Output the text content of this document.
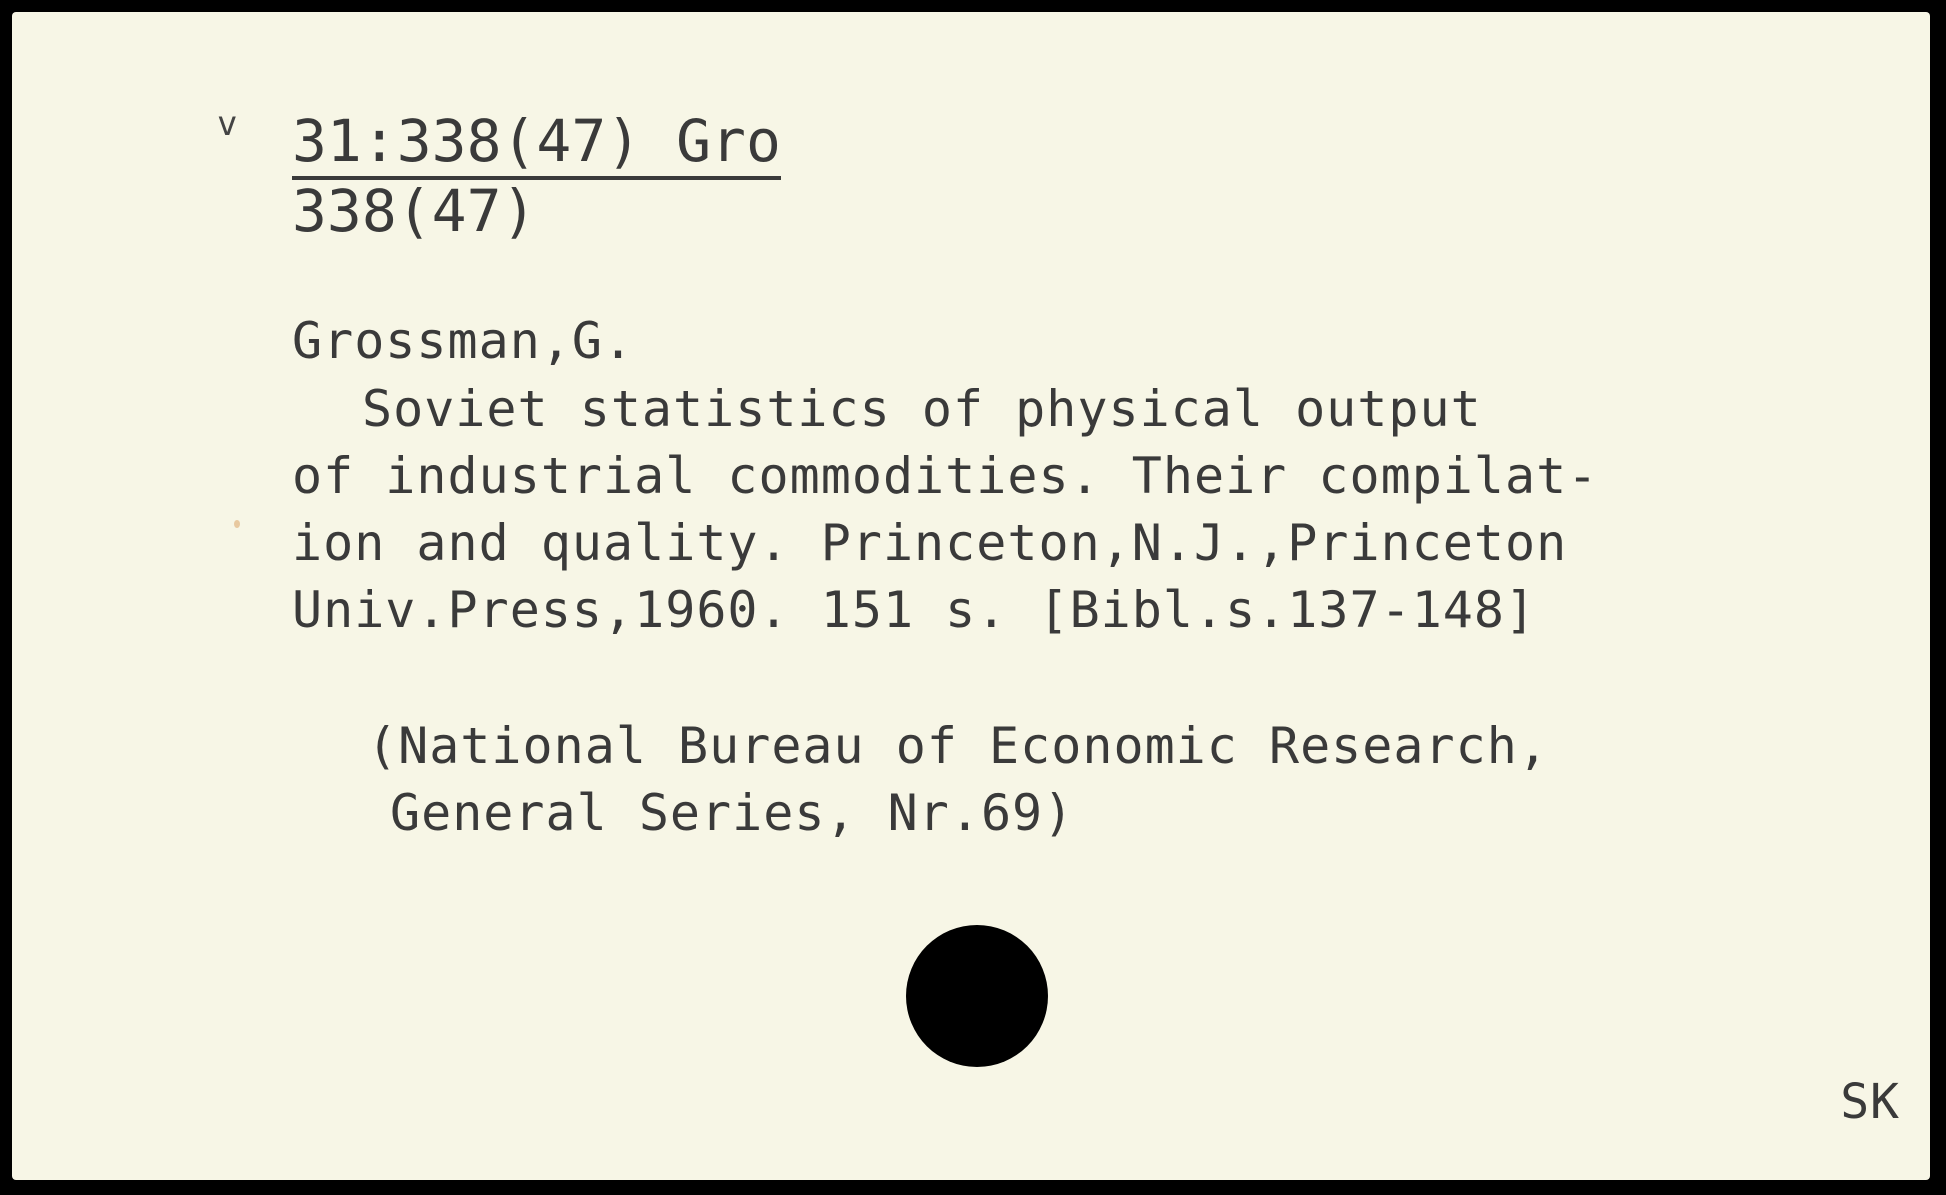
v 31:338(47) Gro
338(47)
Grossman,G.
Soviet statistics of physical output
of industrial commodities. Their compilat-
ion and quality. Princeton,N.J.,Princeton
Univ.Press,1960. 151 s. [Bibl.s.137-148]
(National Bureau of Economic Research,
General Series, Nr.69)
SK
